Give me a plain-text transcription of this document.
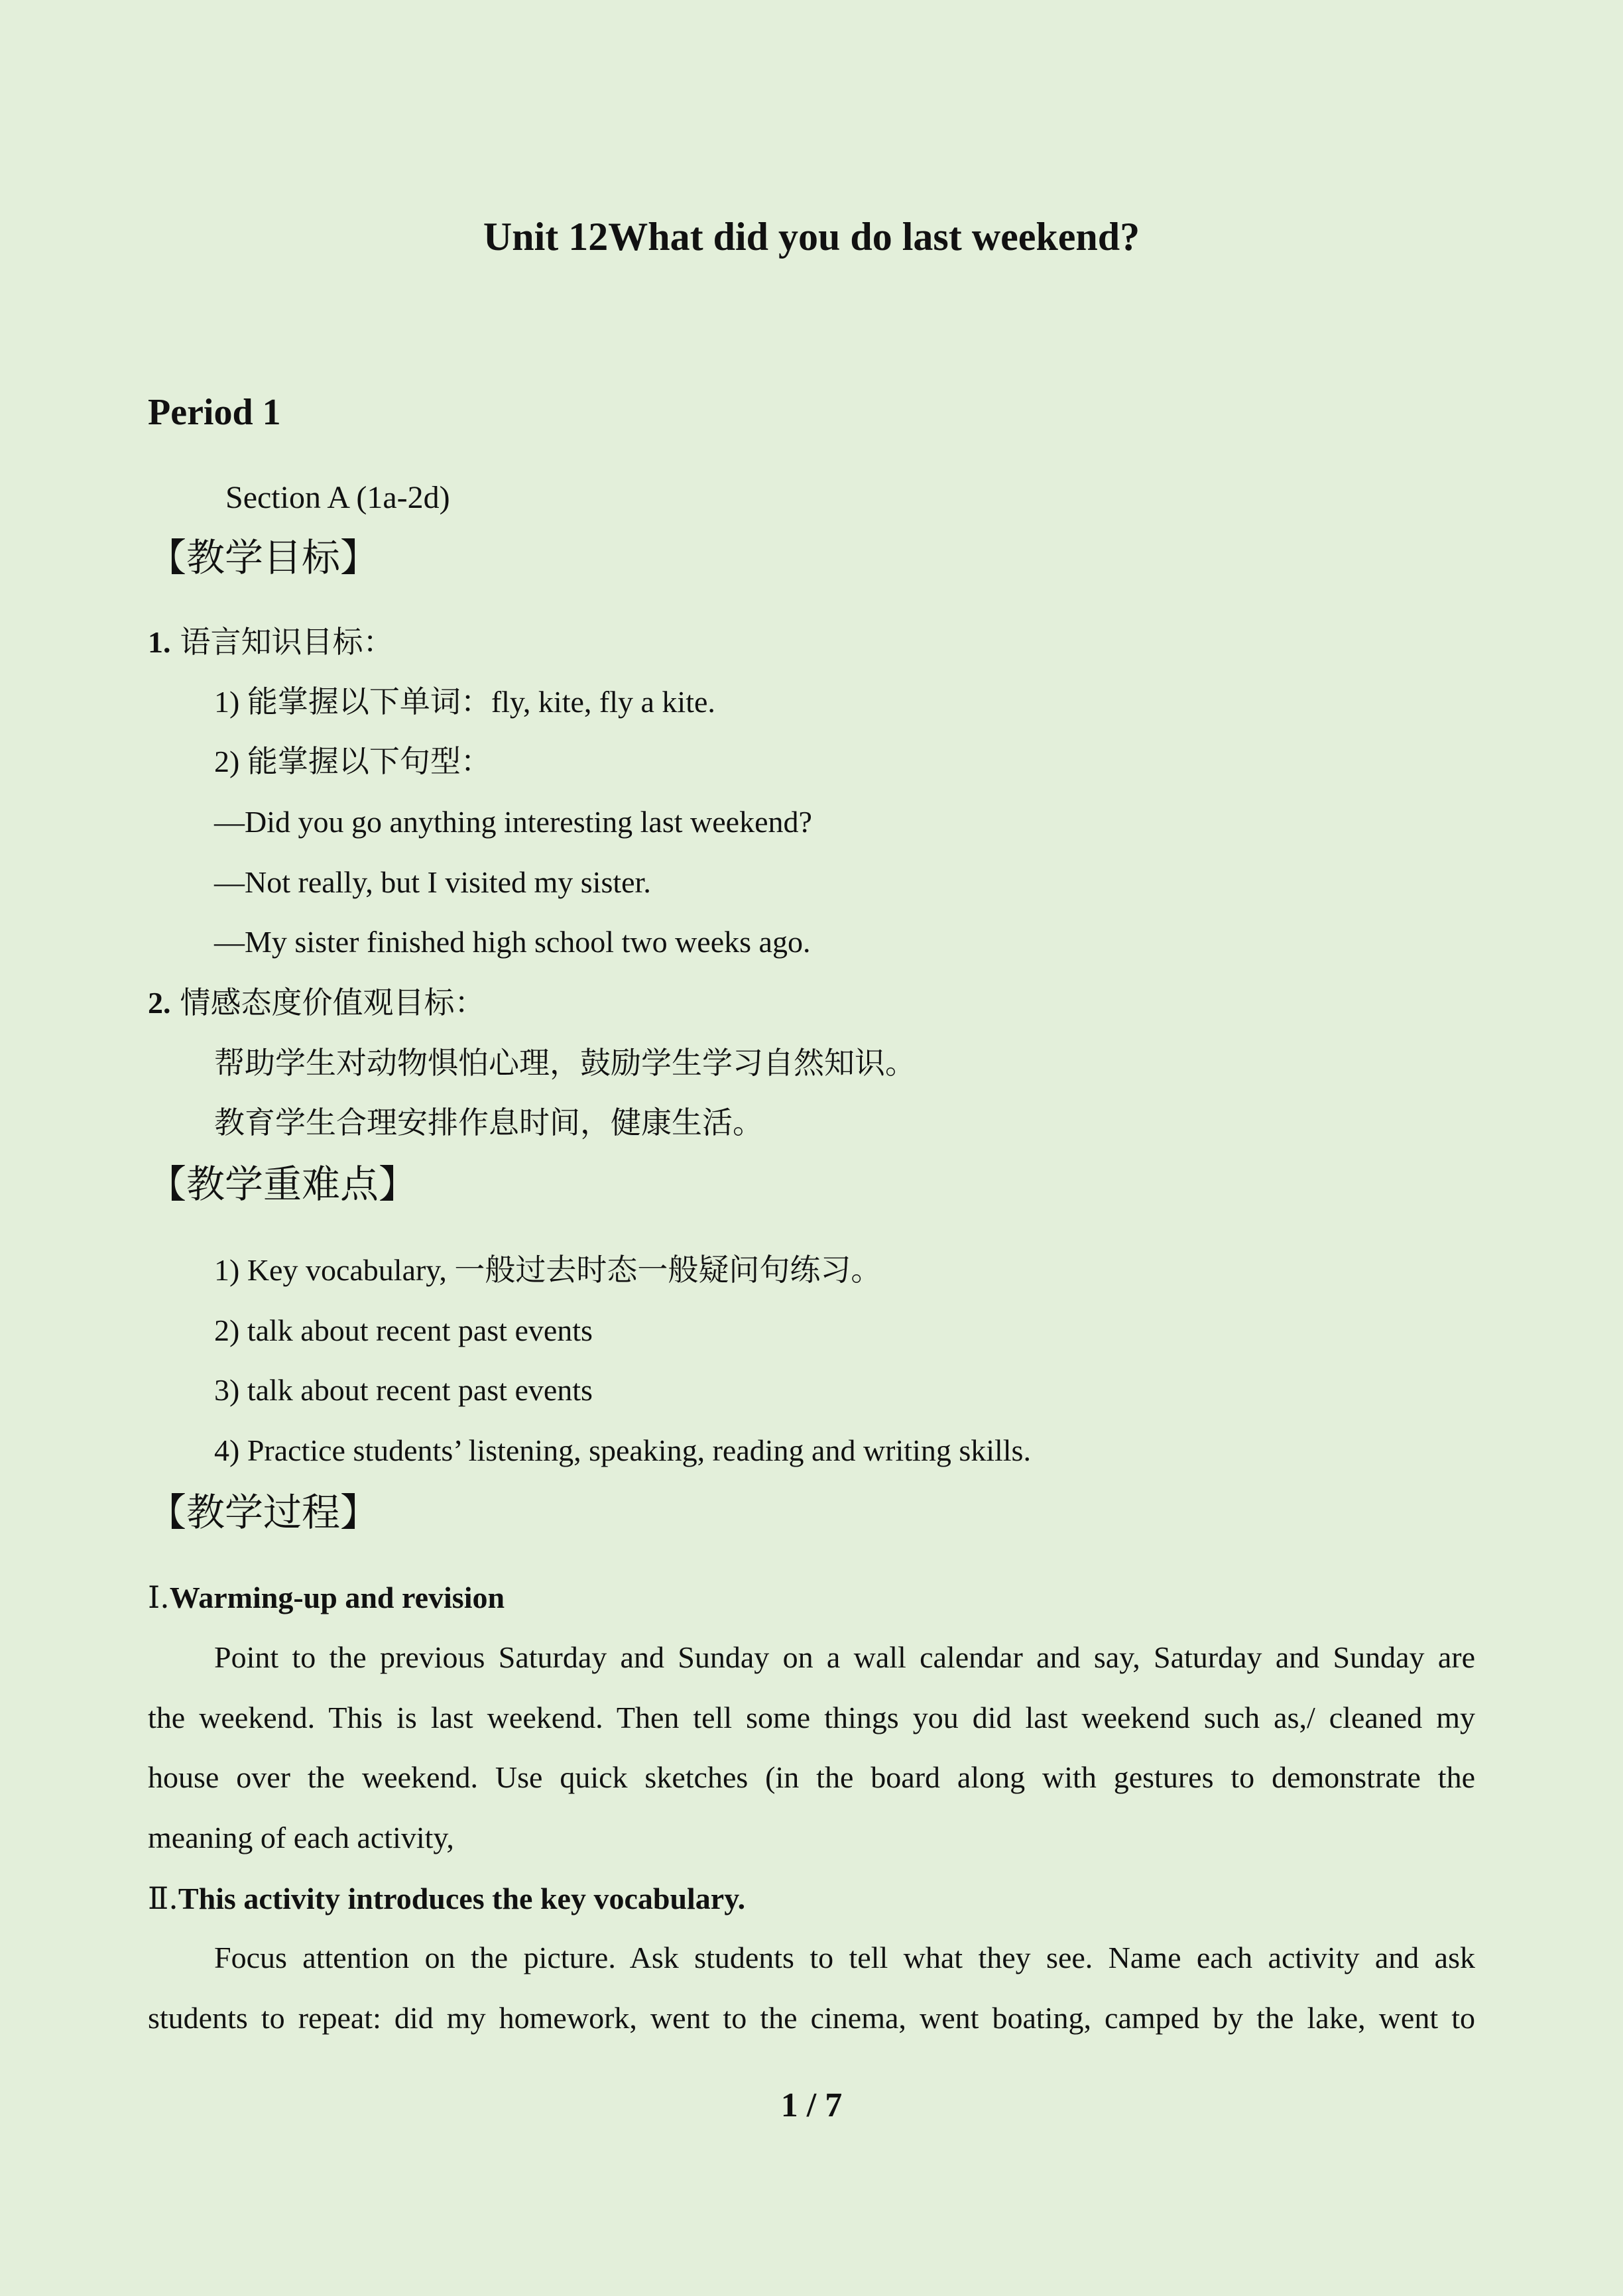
Unit 12What did you do last weekend?
Period 1
Section A (1a-2d)
【教学目标】
1. 语言知识目标：
1) 能掌握以下单词：fly, kite, fly a kite.
2) 能掌握以下句型：
—Did you go anything interesting last weekend?
—Not really, but I visited my sister.
—My sister finished high school two weeks ago.
2. 情感态度价值观目标：
帮助学生对动物惧怕心理，鼓励学生学习自然知识。
教育学生合理安排作息时间，健康生活。
【教学重难点】
1) Key vocabulary, 一般过去时态一般疑问句练习。
2) talk about recent past events
3) talk about recent past events
4) Practice students’ listening, speaking, reading and writing skills.
【教学过程】
Ⅰ.Warming-up and revision
Point to the previous Saturday and Sunday on a wall calendar and say, Saturday and Sunday are
the weekend. This is last weekend. Then tell some things you did last weekend such as,/ cleaned my
house over the weekend. Use quick sketches (in the board along with gestures to demonstrate the
meaning of each activity,
Ⅱ.This activity introduces the key vocabulary.
Focus attention on the picture. Ask students to tell what they see. Name each activity and ask
students to repeat: did my homework, went to the cinema, went boating, camped by the lake, went to
1 / 7
